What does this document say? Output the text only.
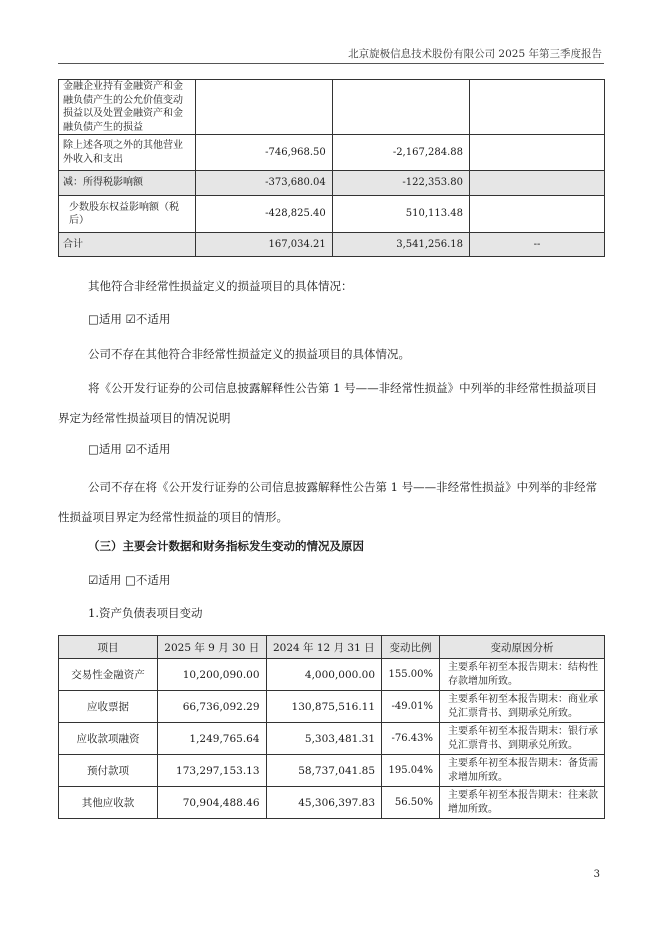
北京旋极信息技术股份有限公司 2025 年第三季度报告
金融企业持有金融资产和金融负债产生的公允价值变动损益以及处置金融资产和金融负债产生的损益			
除上述各项之外的其他营业外收入和支出	-746,968.50	-2,167,284.88	
减：所得税影响额	-373,680.04	-122,353.80	
少数股东权益影响额（税后）	-428,825.40	510,113.48	
合计	167,034.21	3,541,256.18	--

其他符合非经常性损益定义的损益项目的具体情况：

□适用 ☑不适用

公司不存在其他符合非经常性损益定义的损益项目的具体情况。

将《公开发行证券的公司信息披露解释性公告第 1 号——非经常性损益》中列举的非经常性损益项目界定为经常性损益项目的情况说明

□适用 ☑不适用

公司不存在将《公开发行证券的公司信息披露解释性公告第 1 号——非经常性损益》中列举的非经常性损益项目界定为经常性损益的项目的情形。

（三）主要会计数据和财务指标发生变动的情况及原因
☑适用 □不适用
1.资产负债表项目变动
项目	2025 年 9 月 30 日	2024 年 12 月 31 日	变动比例	变动原因分析
交易性金融资产	10,200,090.00	4,000,000.00	155.00%	主要系年初至本报告期末：结构性存款增加所致。
应收票据	66,736,092.29	130,875,516.11	-49.01%	主要系年初至本报告期末：商业承兑汇票背书、到期承兑所致。
应收款项融资	1,249,765.64	5,303,481.31	-76.43%	主要系年初至本报告期末：银行承兑汇票背书、到期承兑所致。
预付款项	173,297,153.13	58,737,041.85	195.04%	主要系年初至本报告期末：备货需求增加所致。
其他应收款	70,904,488.46	45,306,397.83	56.50%	主要系年初至本报告期末：往来款增加所致。
3
